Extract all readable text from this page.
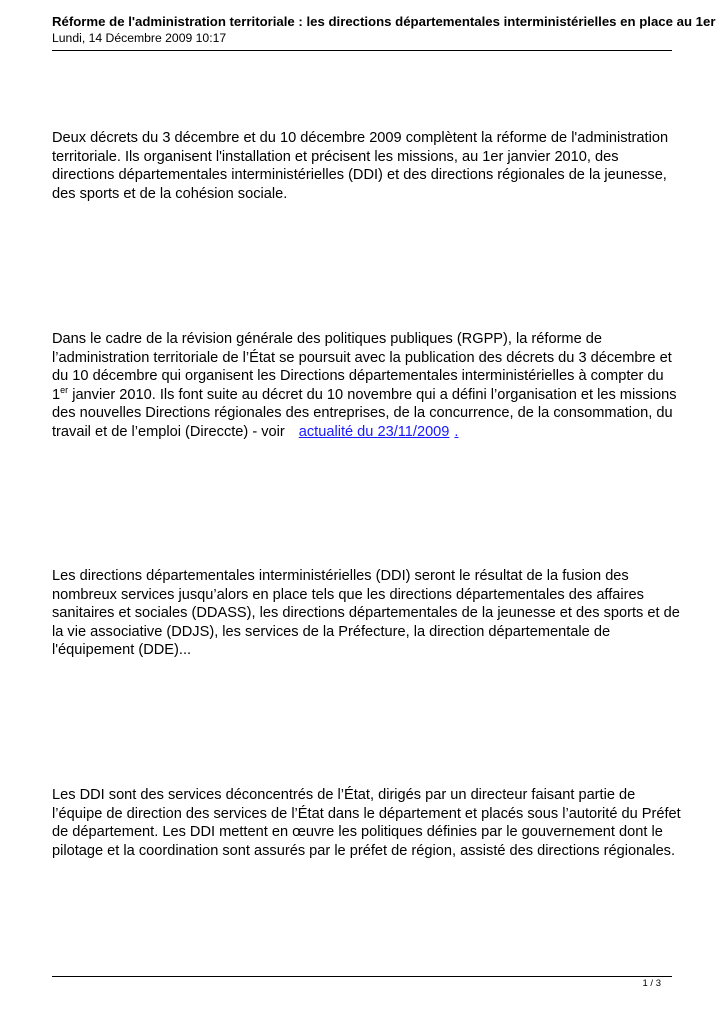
Réforme de l'administration territoriale : les directions départementales interministérielles en place au 1er
Lundi, 14 Décembre 2009 10:17
Deux décrets du 3 décembre et du 10 décembre 2009 complètent la réforme de l'administration territoriale. Ils organisent l'installation et précisent les missions, au 1er janvier 2010, des directions départementales interministérielles (DDI) et des directions régionales de la jeunesse, des sports et de la cohésion sociale.
Dans le cadre de la révision générale des politiques publiques (RGPP), la réforme de l’administration territoriale de l’État se poursuit avec la publication des décrets du 3 décembre et du 10 décembre qui organisent les Directions départementales interministérielles à compter du 1er janvier 2010. Ils font suite au décret du 10 novembre qui a défini l’organisation et les missions des nouvelles Directions régionales des entreprises, de la concurrence, de la consommation, du travail et de l’emploi (Direccte) - voir actualité du 23/11/2009 .
Les directions départementales interministérielles (DDI) seront le résultat de la fusion des nombreux services jusqu’alors en place tels que les directions départementales des affaires sanitaires et sociales (DDASS), les directions départementales de la jeunesse et des sports et de la vie associative (DDJS), les services de la Préfecture, la direction départementale de l'équipement (DDE)...
Les DDI sont des services déconcentrés de l’État, dirigés par un directeur faisant partie de l’équipe de direction des services de l’État dans le département et placés sous l’autorité du Préfet de département. Les DDI mettent en œuvre les politiques définies par le gouvernement dont le pilotage et la coordination sont assurés par le préfet de région, assisté des directions régionales.
1 / 3
